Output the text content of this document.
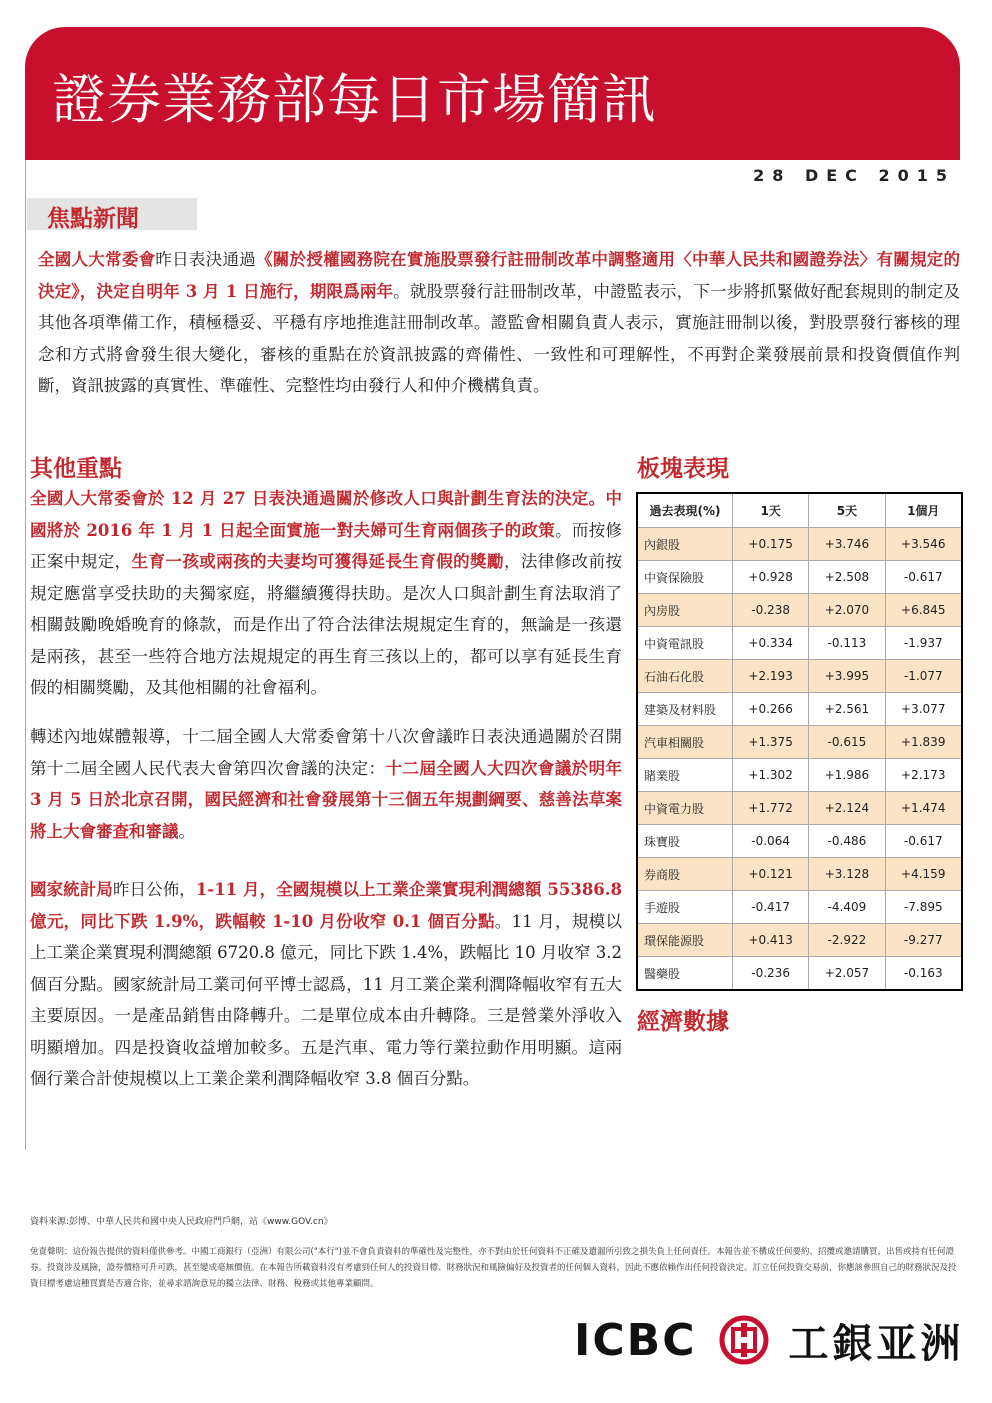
證券業務部每日市場簡訊
28 DEC 2015
焦點新聞
全國人大常委會昨日表決通過《關於授權國務院在實施股票發行註冊制改革中調整適用〈中華人民共和國證券法〉有關規定的決定》，決定自明年 3 月 1 日施行，期限爲兩年。就股票發行註冊制改革，中證監表示，下一步將抓緊做好配套規則的制定及其他各項準備工作，積極穩妥、平穩有序地推進註冊制改革。證監會相關負責人表示，實施註冊制以後，對股票發行審核的理念和方式將會發生很大變化，審核的重點在於資訊披露的齊備性、一致性和可理解性，不再對企業發展前景和投資價值作判斷，資訊披露的真實性、準確性、完整性均由發行人和仲介機構負責。
其他重點
全國人大常委會於 12 月 27 日表決通過關於修改人口與計劃生育法的決定。中國將於 2016 年 1 月 1 日起全面實施一對夫婦可生育兩個孩子的政策。而按修正案中規定，生育一孩或兩孩的夫妻均可獲得延長生育假的獎勵，法律修改前按規定應當享受扶助的夫獨家庭，將繼續獲得扶助。是次人口與計劃生育法取消了相關鼓勵晚婚晚育的條款，而是作出了符合法律法規規定生育的，無論是一孩還是兩孩，甚至一些符合地方法規規定的再生育三孩以上的，都可以享有延長生育假的相關獎勵，及其他相關的社會福利。
轉述內地媒體報導，十二屆全國人大常委會第十八次會議昨日表決通過關於召開第十二屆全國人民代表大會第四次會議的決定：十二屆全國人大四次會議於明年 3 月 5 日於北京召開，國民經濟和社會發展第十三個五年規劃綱要、慈善法草案將上大會審查和審議。
國家統計局昨日公佈，1-11 月，全國規模以上工業企業實現利潤總額 55386.8 億元，同比下跌 1.9%，跌幅較 1-10 月份收窄 0.1 個百分點。11 月，規模以上工業企業實現利潤總額 6720.8 億元，同比下跌 1.4%，跌幅比 10 月收窄 3.2 個百分點。國家統計局工業司何平博士認爲，11 月工業企業利潤降幅收窄有五大主要原因。一是產品銷售由降轉升。二是單位成本由升轉降。三是營業外淨收入明顯增加。四是投資收益增加較多。五是汽車、電力等行業拉動作用明顯。這兩個行業合計使規模以上工業企業利潤降幅收窄 3.8 個百分點。
板塊表現
過去表現(%)	1天	5天	1個月
內銀股	+0.175	+3.746	+3.546
中資保險股	+0.928	+2.508	-0.617
內房股	-0.238	+2.070	+6.845
中資電訊股	+0.334	-0.113	-1.937
石油石化股	+2.193	+3.995	-1.077
建築及材料股	+0.266	+2.561	+3.077
汽車相關股	+1.375	-0.615	+1.839
賭業股	+1.302	+1.986	+2.173
中資電力股	+1.772	+2.124	+1.474
珠寶股	-0.064	-0.486	-0.617
券商股	+0.121	+3.128	+4.159
手遊股	-0.417	-4.409	-7.895
環保能源股	+0.413	-2.922	-9.277
醫藥股	-0.236	+2.057	-0.163
經濟數據
資料來源:彭博、中華人民共和國中央人民政府門戶網，站《www.GOV.cn》
免責聲明：這份報告提供的資料僅供參考。中國工商銀行（亞洲）有限公司("本行")並不會負責資料的準確性及完整性，亦不對由於任何資料不正確及遺漏所引致之損失負上任何責任。本報告並不構成任何要約、招攬或邀請購買，出售或持有任何證券。投資涉及風險，證券價格可升可跌，甚至變成毫無價值。在本報告所載資料沒有考慮到任何人的投資目標、財務狀況和風險偏好及投資者的任何個人資料，因此不應依賴作出任何投資決定。訂立任何投資交易前，你應該參照自己的財務狀況及投資目標考慮這種買賣是否適合你，並尋求諮詢意見的獨立法律、財務、稅務或其他專業顧問。
ICBC 工銀亚洲
